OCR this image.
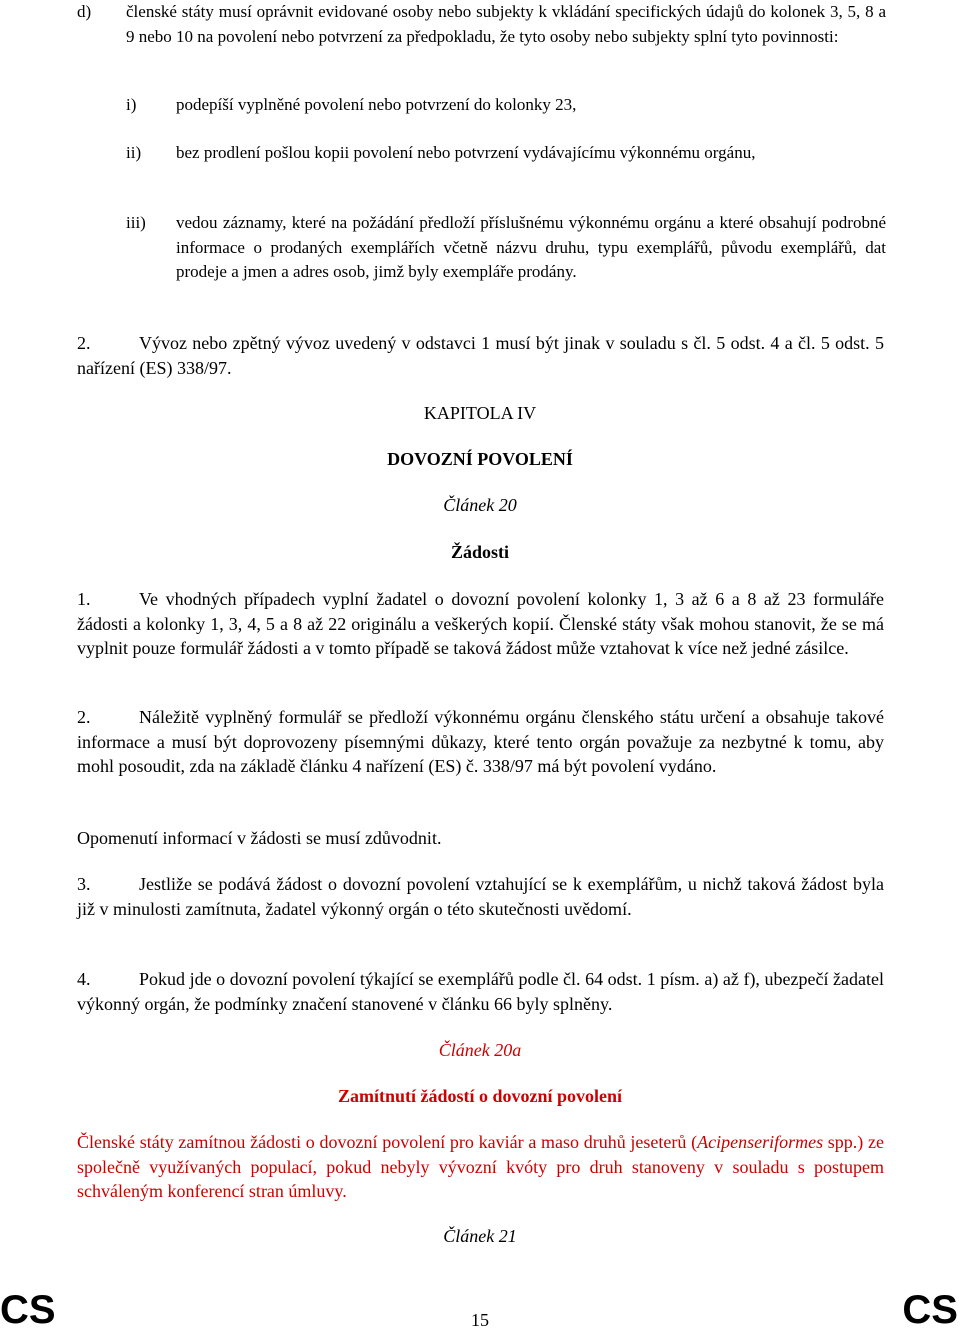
d) členské státy musí oprávnit evidované osoby nebo subjekty k vkládání specifických údajů do kolonek 3, 5, 8 a 9 nebo 10 na povolení nebo potvrzení za předpokladu, že tyto osoby nebo subjekty splní tyto povinnosti:
i) podepíší vyplněné povolení nebo potvrzení do kolonky 23,
ii) bez prodlení pošlou kopii povolení nebo potvrzení vydávajícímu výkonnému orgánu,
iii) vedou záznamy, které na požádání předloží příslušnému výkonnému orgánu a které obsahují podrobné informace o prodaných exemplářích včetně názvu druhu, typu exemplářů, původu exemplářů, dat prodeje a jmen a adres osob, jimž byly exempláře prodány.
2.	Vývoz nebo zpětný vývoz uvedený v odstavci 1 musí být jinak v souladu s čl. 5 odst. 4 a čl. 5 odst. 5 nařízení (ES) 338/97.
KAPITOLA IV
DOVOZNÍ POVOLENÍ
Článek 20
Žádosti
1.	Ve vhodných případech vyplní žadatel o dovozní povolení kolonky 1, 3 až 6 a 8 až 23 formuláře žádosti a kolonky 1, 3, 4, 5 a 8 až 22 originálu a veškerých kopií. Členské státy však mohou stanovit, že se má vyplnit pouze formulář žádosti a v tomto případě se taková žádost může vztahovat k více než jedné zásilce.
2.	Náležitě vyplněný formulář se předloží výkonnému orgánu členského státu určení a obsahuje takové informace a musí být doprovozeny písemnými důkazy, které tento orgán považuje za nezbytné k tomu, aby mohl posoudit, zda na základě článku 4 nařízení (ES) č. 338/97 má být povolení vydáno.
Opomenutí informací v žádosti se musí zdůvodnit.
3.	Jestliže se podává žádost o dovozní povolení vztahující se k exemplářům, u nichž taková žádost byla již v minulosti zamítnuta, žadatel výkonný orgán o této skutečnosti uvědomí.
4.	Pokud jde o dovozní povolení týkající se exemplářů podle čl. 64 odst. 1 písm. a) až f), ubezpečí žadatel výkonný orgán, že podmínky značení stanovené v článku 66 byly splněny.
Článek 20a
Zamítnutí žádostí o dovozní povolení
Členské státy zamítnou žádosti o dovozní povolení pro kaviár a maso druhů jeseterů (Acipenseriformes spp.) ze společně využívaných populací, pokud nebyly vývozní kvóty pro druh stanoveny v souladu s postupem schváleným konferencí stran úmluvy.
Článek 21
CS	15	CS
